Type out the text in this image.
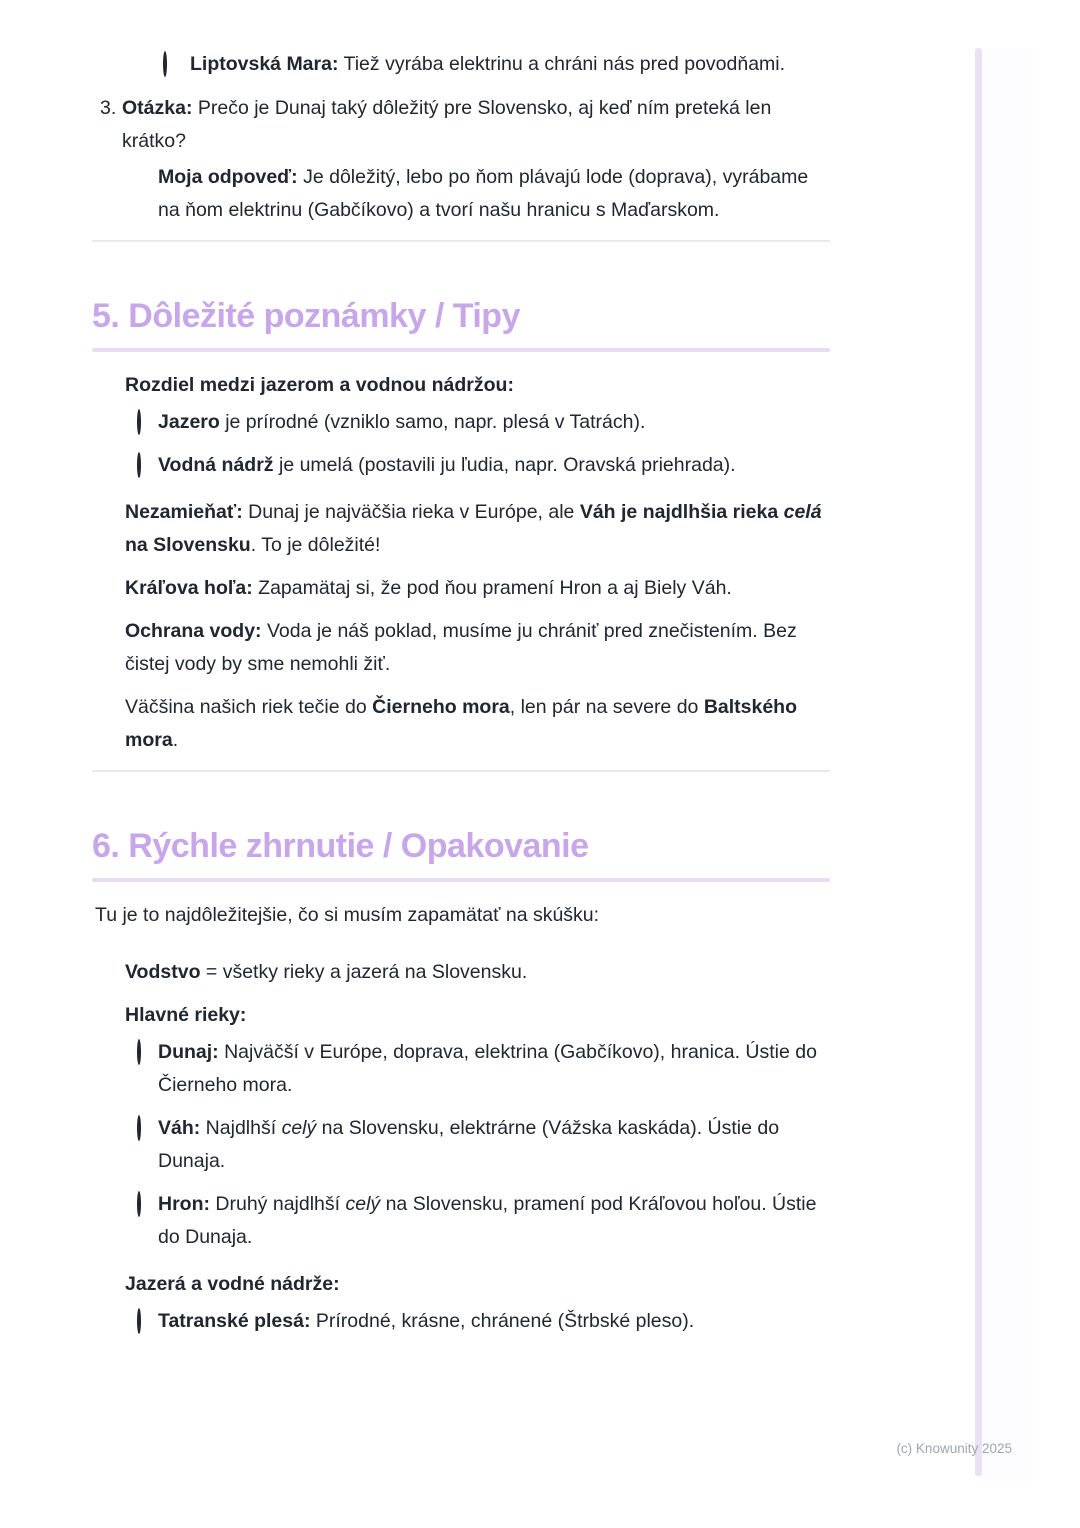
Liptovská Mara: Tiež vyrába elektrinu a chráni nás pred povodňami.
3. Otázka: Prečo je Dunaj taký dôležitý pre Slovensko, aj keď ním preteká len krátko?
Moja odpoveď: Je dôležitý, lebo po ňom plávajú lode (doprava), vyrábame na ňom elektrinu (Gabčíkovo) a tvorí našu hranicu s Maďarskom.
5. Dôležité poznámky / Tipy
Rozdiel medzi jazerom a vodnou nádržou:
Jazero je prírodné (vzniklo samo, napr. plesá v Tatrách).
Vodná nádrž je umelá (postavili ju ľudia, napr. Oravská priehrada).
Nezamieňať: Dunaj je najväčšia rieka v Európe, ale Váh je najdlhšia rieka celá na Slovensku. To je dôležité!
Kráľova hoľa: Zapamätaj si, že pod ňou pramení Hron a aj Biely Váh.
Ochrana vody: Voda je náš poklad, musíme ju chrániť pred znečistením. Bez čistej vody by sme nemohli žiť.
Väčšina našich riek tečie do Čierneho mora, len pár na severe do Baltského mora.
6. Rýchle zhrnutie / Opakovanie
Tu je to najdôležitejšie, čo si musím zapamätať na skúšku:
Vodstvo = všetky rieky a jazerá na Slovensku.
Hlavné rieky:
Dunaj: Najväčší v Európe, doprava, elektrina (Gabčíkovo), hranica. Ústie do Čierneho mora.
Váh: Najdlhší celý na Slovensku, elektrárne (Vážska kaskáda). Ústie do Dunaja.
Hron: Druhý najdlhší celý na Slovensku, pramení pod Kráľovou hoľou. Ústie do Dunaja.
Jazerá a vodné nádrže:
Tatranské plesá: Prírodné, krásne, chránené (Štrbské pleso).
(c) Knowunity 2025
